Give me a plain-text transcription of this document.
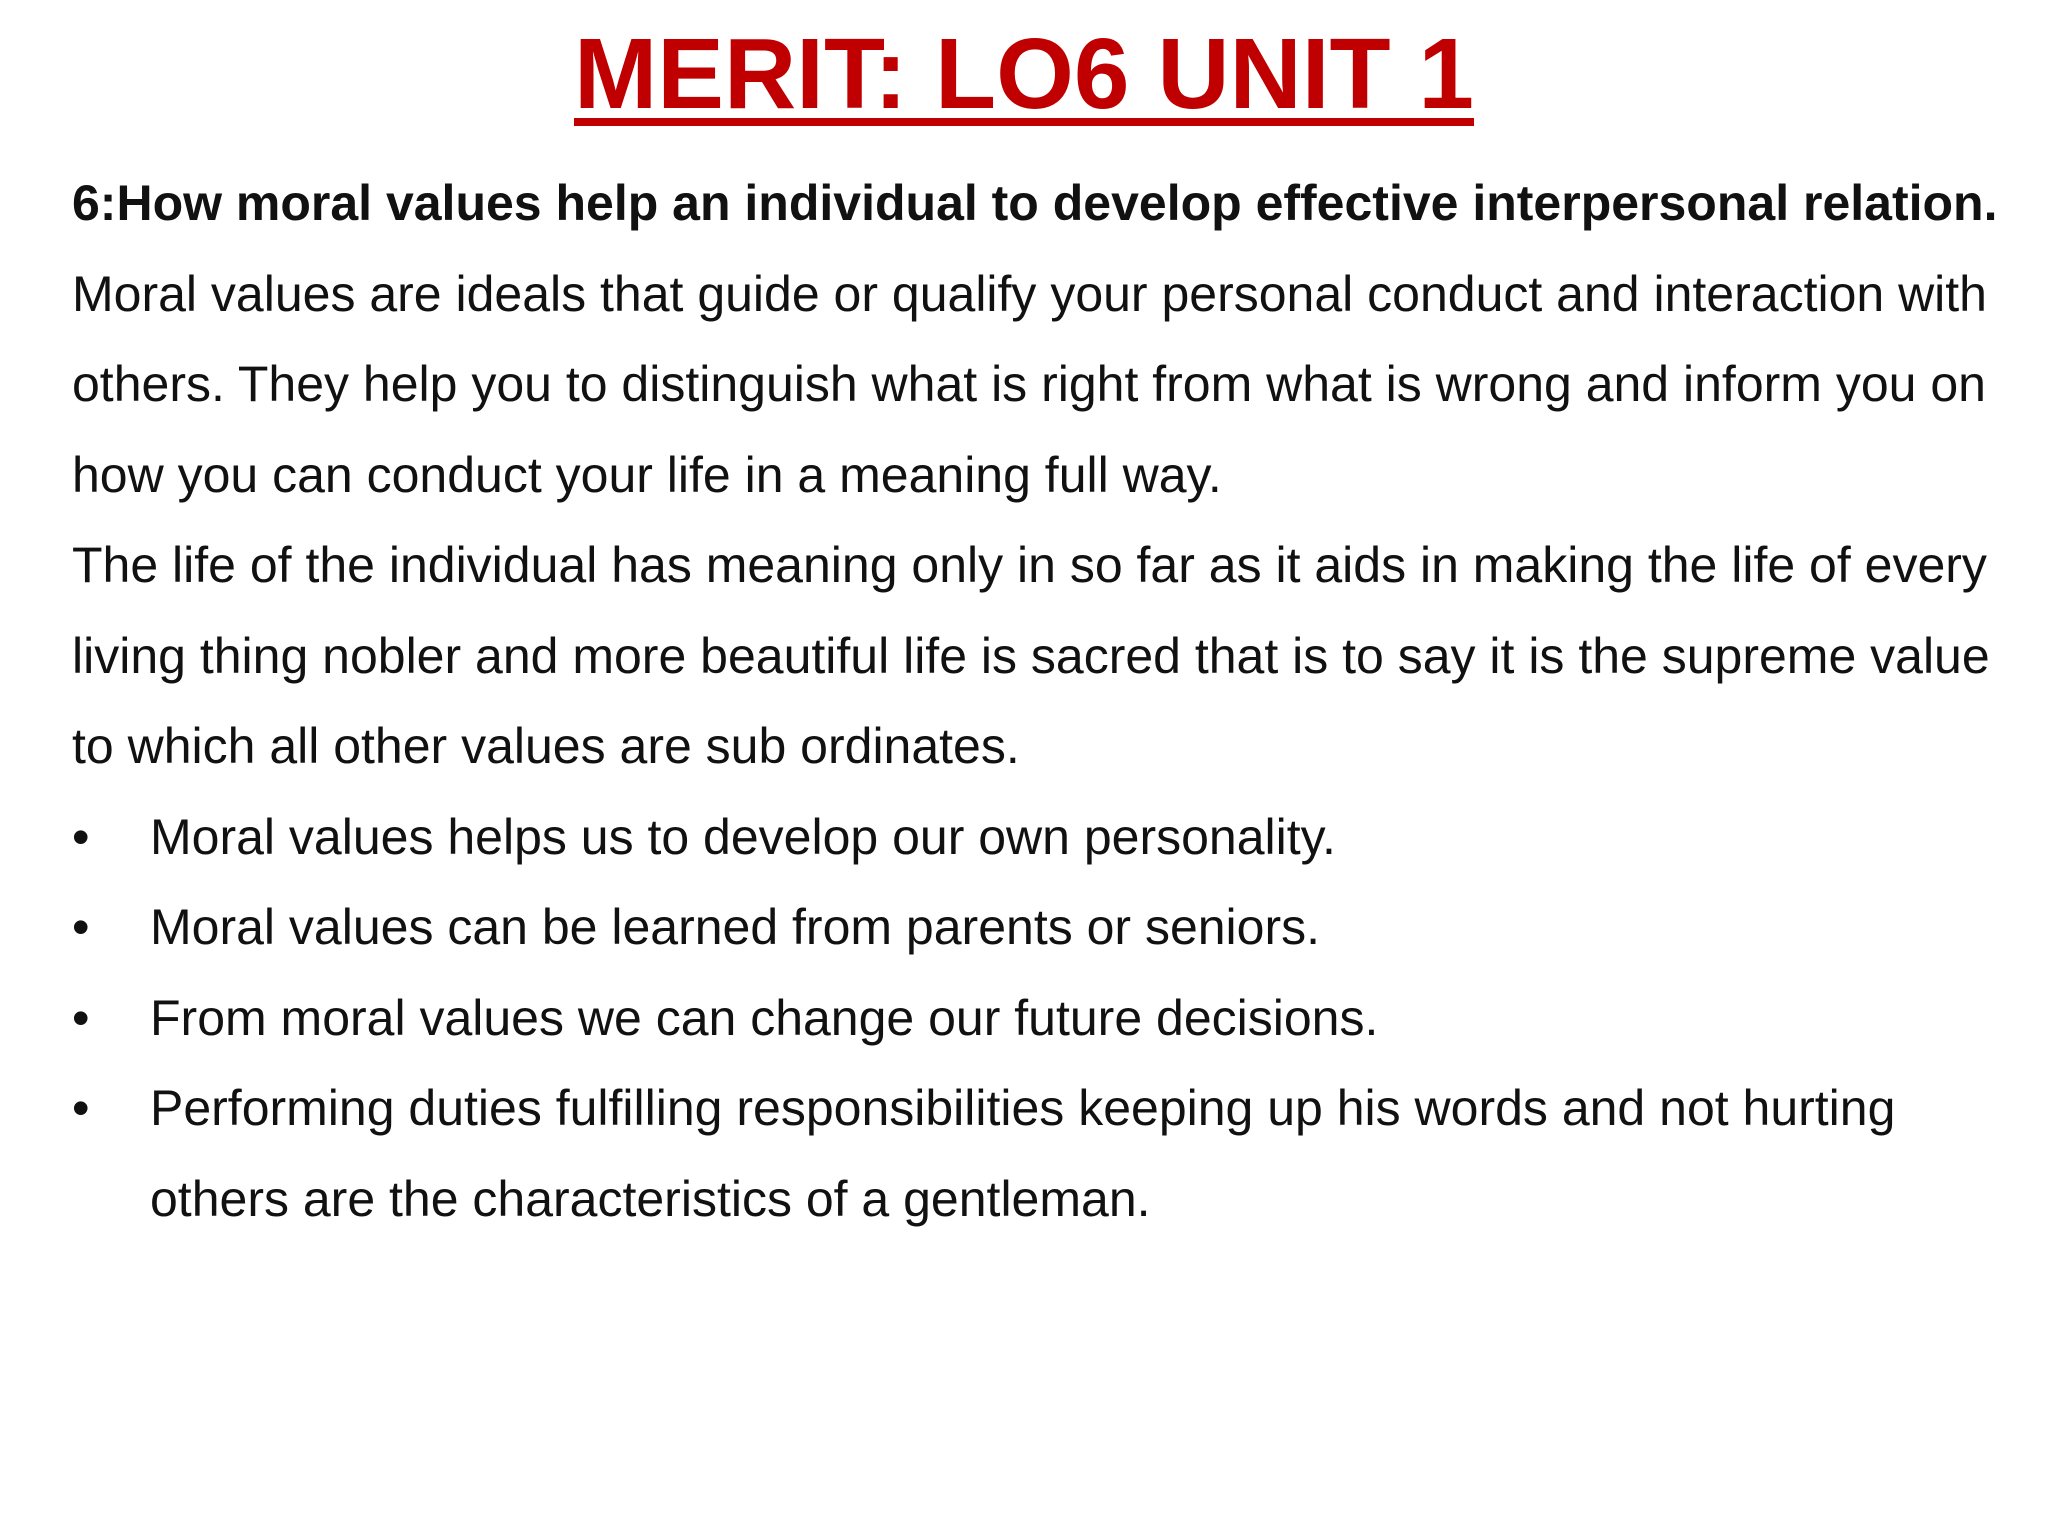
MERIT: LO6 UNIT 1

6:How moral values help an individual to develop effective interpersonal relation.

Moral values are ideals that guide or qualify your personal conduct and interaction with others. They help you to distinguish what is right from what is wrong and inform you on how you can conduct your life in a meaning full way.

The life of the individual has meaning only in so far as it aids in making the life of every living thing nobler and more beautiful life is sacred that is to say it is the supreme value to which all other values are sub ordinates.

• Moral values helps us to develop our own personality.
• Moral values can be learned from parents or seniors.
• From moral values we can change our future decisions.
• Performing duties fulfilling responsibilities keeping up his words and not hurting others are the characteristics of a gentleman.
